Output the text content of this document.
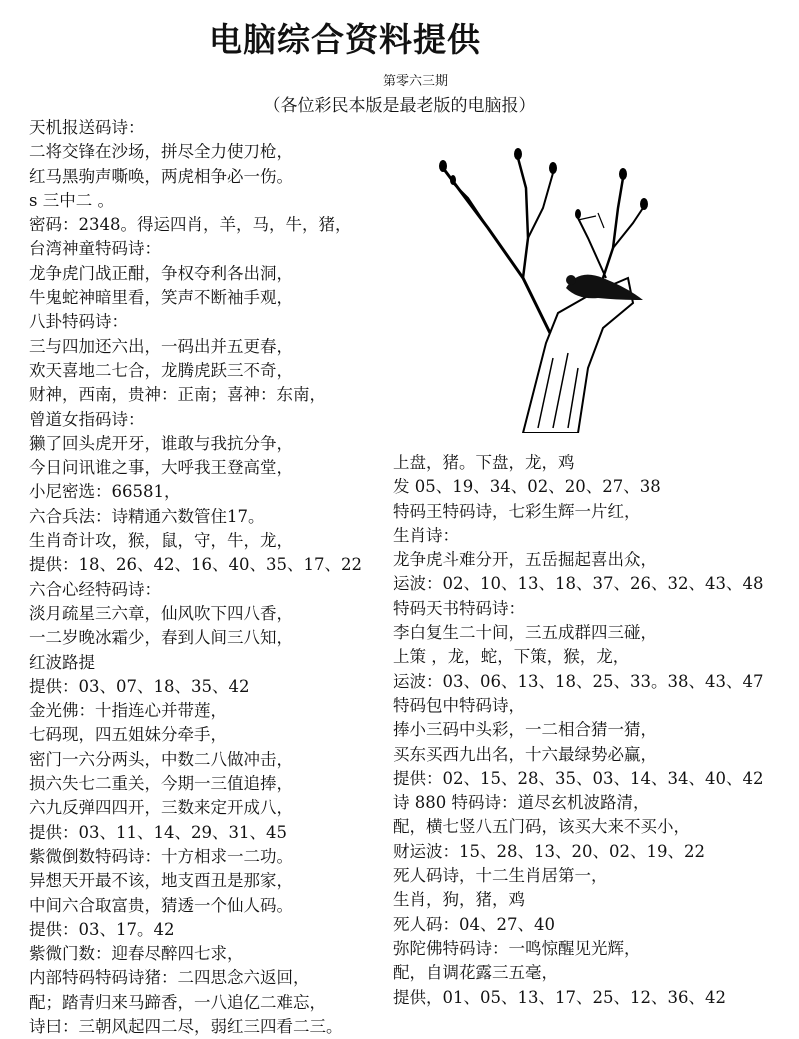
电脑综合资料提供
第零六三期
（各位彩民本版是最老版的电脑报）
天机报送码诗：
二将交锋在沙场，拼尽全力使刀枪，
红马黑驹声嘶唤，两虎相争必一伤。
s 三中二 。
密码：2348。得运四肖，羊，马，牛，猪，
台湾神童特码诗：
龙争虎门战正酣，争权夺利各出洞，
牛鬼蛇神暗里看，笑声不断袖手观，
八卦特码诗：
三与四加还六出，一码出并五更春，
欢天喜地二七合，龙腾虎跃三不奇，
财神，西南，贵神：正南；喜神：东南，
曾道女指码诗：
獭了回头虎开牙，谁敢与我抗分争，
今日问讯谁之事，大呼我王登高堂，
小尼密选：66581，
六合兵法：诗精通六数管住17。
生肖奇计攻，猴，鼠，守，牛，龙，
提供：18、26、42、16、40、35、17、22
六合心经特码诗：
淡月疏星三六章，仙风吹下四八香，
一二岁晚冰霜少，春到人间三八知，
红波路提
提供：03、07、18、35、42
金光佛：十指连心并带莲，
七码现，四五姐妹分牵手，
密门一六分两头，中数二八做冲击，
损六失七二重关，今期一三值追捧，
六九反弹四四开，三数来定开成八，
提供：03、11、14、29、31、45
紫微倒数特码诗：十方相求一二功。
异想天开最不该，地支酉丑是那家，
中间六合取富贵，猜透一个仙人码。
提供：03、17。42
紫微门数：迎春尽醉四七求，
内部特码特码诗猪：二四思念六返回，
配；踏青归来马蹄香，一八追亿二难忘，
诗曰：三朝风起四二尽，弱红三四看二三。
上盘，猪。下盘，龙，鸡
发 05、19、34、02、20、27、38
特码王特码诗，七彩生辉一片红，
生肖诗：
龙争虎斗难分开，五岳掘起喜出众，
运波：02、10、13、18、37、26、32、43、48
特码天书特码诗：
李白复生二十间，三五成群四三碰，
上策 ，龙，蛇，下策，猴，龙，
运波：03、06、13、18、25、33。38、43、47
特码包中特码诗，
捧小三码中头彩，一二相合猜一猜，
买东买西九出名，十六最绿势必赢，
提供：02、15、28、35、03、14、34、40、42
诗 880 特码诗：道尽玄机波路清，
配，横七竖八五门码，该买大来不买小，
财运波：15、28、13、20、02、19、22
死人码诗，十二生肖居第一，
生肖，狗，猪，鸡
死人码：04、27、40
弥陀佛特码诗：一鸣惊醒见光辉，
配，自调花露三五毫，
提供，01、05、13、17、25、12、36、42
